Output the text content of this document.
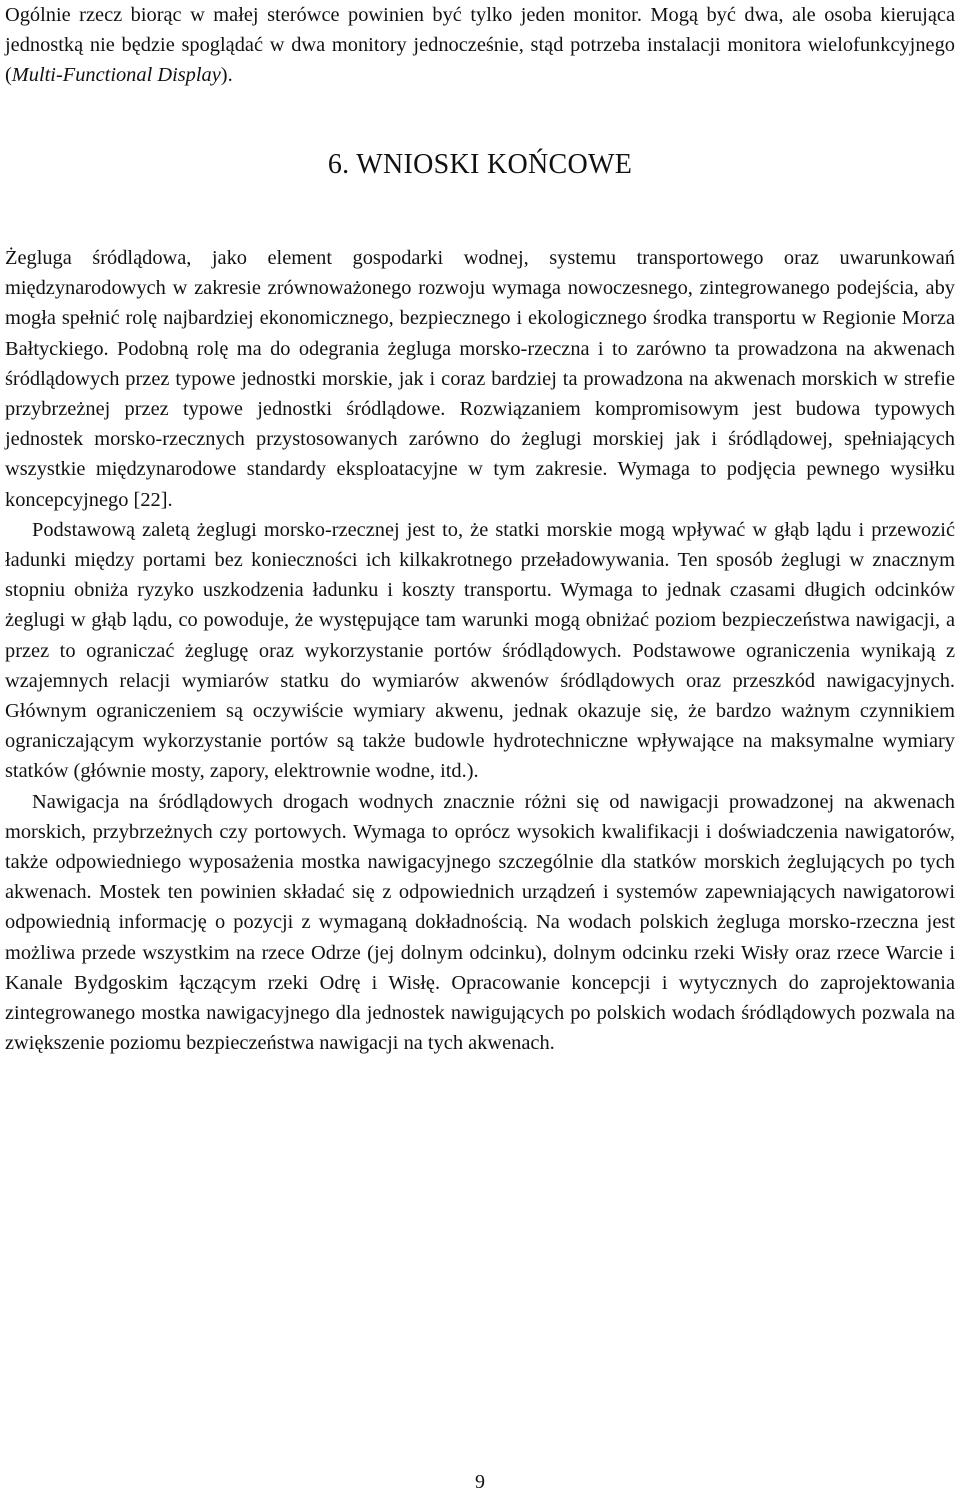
Ogólnie rzecz biorąc w małej sterówce powinien być tylko jeden monitor. Mogą być dwa, ale osoba kierująca jednostką nie będzie spoglądać w dwa monitory jednocześnie, stąd potrzeba instalacji monitora wielofunkcyjnego (Multi-Functional Display).

6. WNIOSKI KOŃCOWE

Żegluga śródlądowa, jako element gospodarki wodnej, systemu transportowego oraz uwarunkowań międzynarodowych w zakresie zrównoważonego rozwoju wymaga nowoczesnego, zintegrowanego podejścia, aby mogła spełnić rolę najbardziej ekonomicznego, bezpiecznego i ekologicznego środka transportu w Regionie Morza Bałtyckiego. Podobną rolę ma do odegrania żegluga morsko-rzeczna i to zarówno ta prowadzona na akwenach śródlądowych przez typowe jednostki morskie, jak i coraz bardziej ta prowadzona na akwenach morskich w strefie przybrzeżnej przez typowe jednostki śródlądowe. Rozwiązaniem kompromisowym jest budowa typowych jednostek morsko-rzecznych przystosowanych zarówno do żeglugi morskiej jak i śródlądowej, spełniających wszystkie międzynarodowe standardy eksploatacyjne w tym zakresie. Wymaga to podjęcia pewnego wysiłku koncepcyjnego [22].

Podstawową zaletą żeglugi morsko-rzecznej jest to, że statki morskie mogą wpływać w głąb lądu i przewozić ładunki między portami bez konieczności ich kilkakrotnego przeładowywania. Ten sposób żeglugi w znacznym stopniu obniża ryzyko uszkodzenia ładunku i koszty transportu. Wymaga to jednak czasami długich odcinków żeglugi w głąb lądu, co powoduje, że występujące tam warunki mogą obniżać poziom bezpieczeństwa nawigacji, a przez to ograniczać żeglugę oraz wykorzystanie portów śródlądowych. Podstawowe ograniczenia wynikają z wzajemnych relacji wymiarów statku do wymiarów akwenów śródlądowych oraz przeszkód nawigacyjnych. Głównym ograniczeniem są oczywiście wymiary akwenu, jednak okazuje się, że bardzo ważnym czynnikiem ograniczającym wykorzystanie portów są także budowle hydrotechniczne wpływające na maksymalne wymiary statków (głównie mosty, zapory, elektrownie wodne, itd.).

Nawigacja na śródlądowych drogach wodnych znacznie różni się od nawigacji prowadzonej na akwenach morskich, przybrzeżnych czy portowych. Wymaga to oprócz wysokich kwalifikacji i doświadczenia nawigatorów, także odpowiedniego wyposażenia mostka nawigacyjnego szczególnie dla statków morskich żeglujących po tych akwenach. Mostek ten powinien składać się z odpowiednich urządzeń i systemów zapewniających nawigatorowi odpowiednią informację o pozycji z wymaganą dokładnością. Na wodach polskich żegluga morsko-rzeczna jest możliwa przede wszystkim na rzece Odrze (jej dolnym odcinku), dolnym odcinku rzeki Wisły oraz rzece Warcie i Kanale Bydgoskim łączącym rzeki Odrę i Wisłę. Opracowanie koncepcji i wytycznych do zaprojektowania zintegrowanego mostka nawigacyjnego dla jednostek nawigujących po polskich wodach śródlądowych pozwala na zwiększenie poziomu bezpieczeństwa nawigacji na tych akwenach.

9
